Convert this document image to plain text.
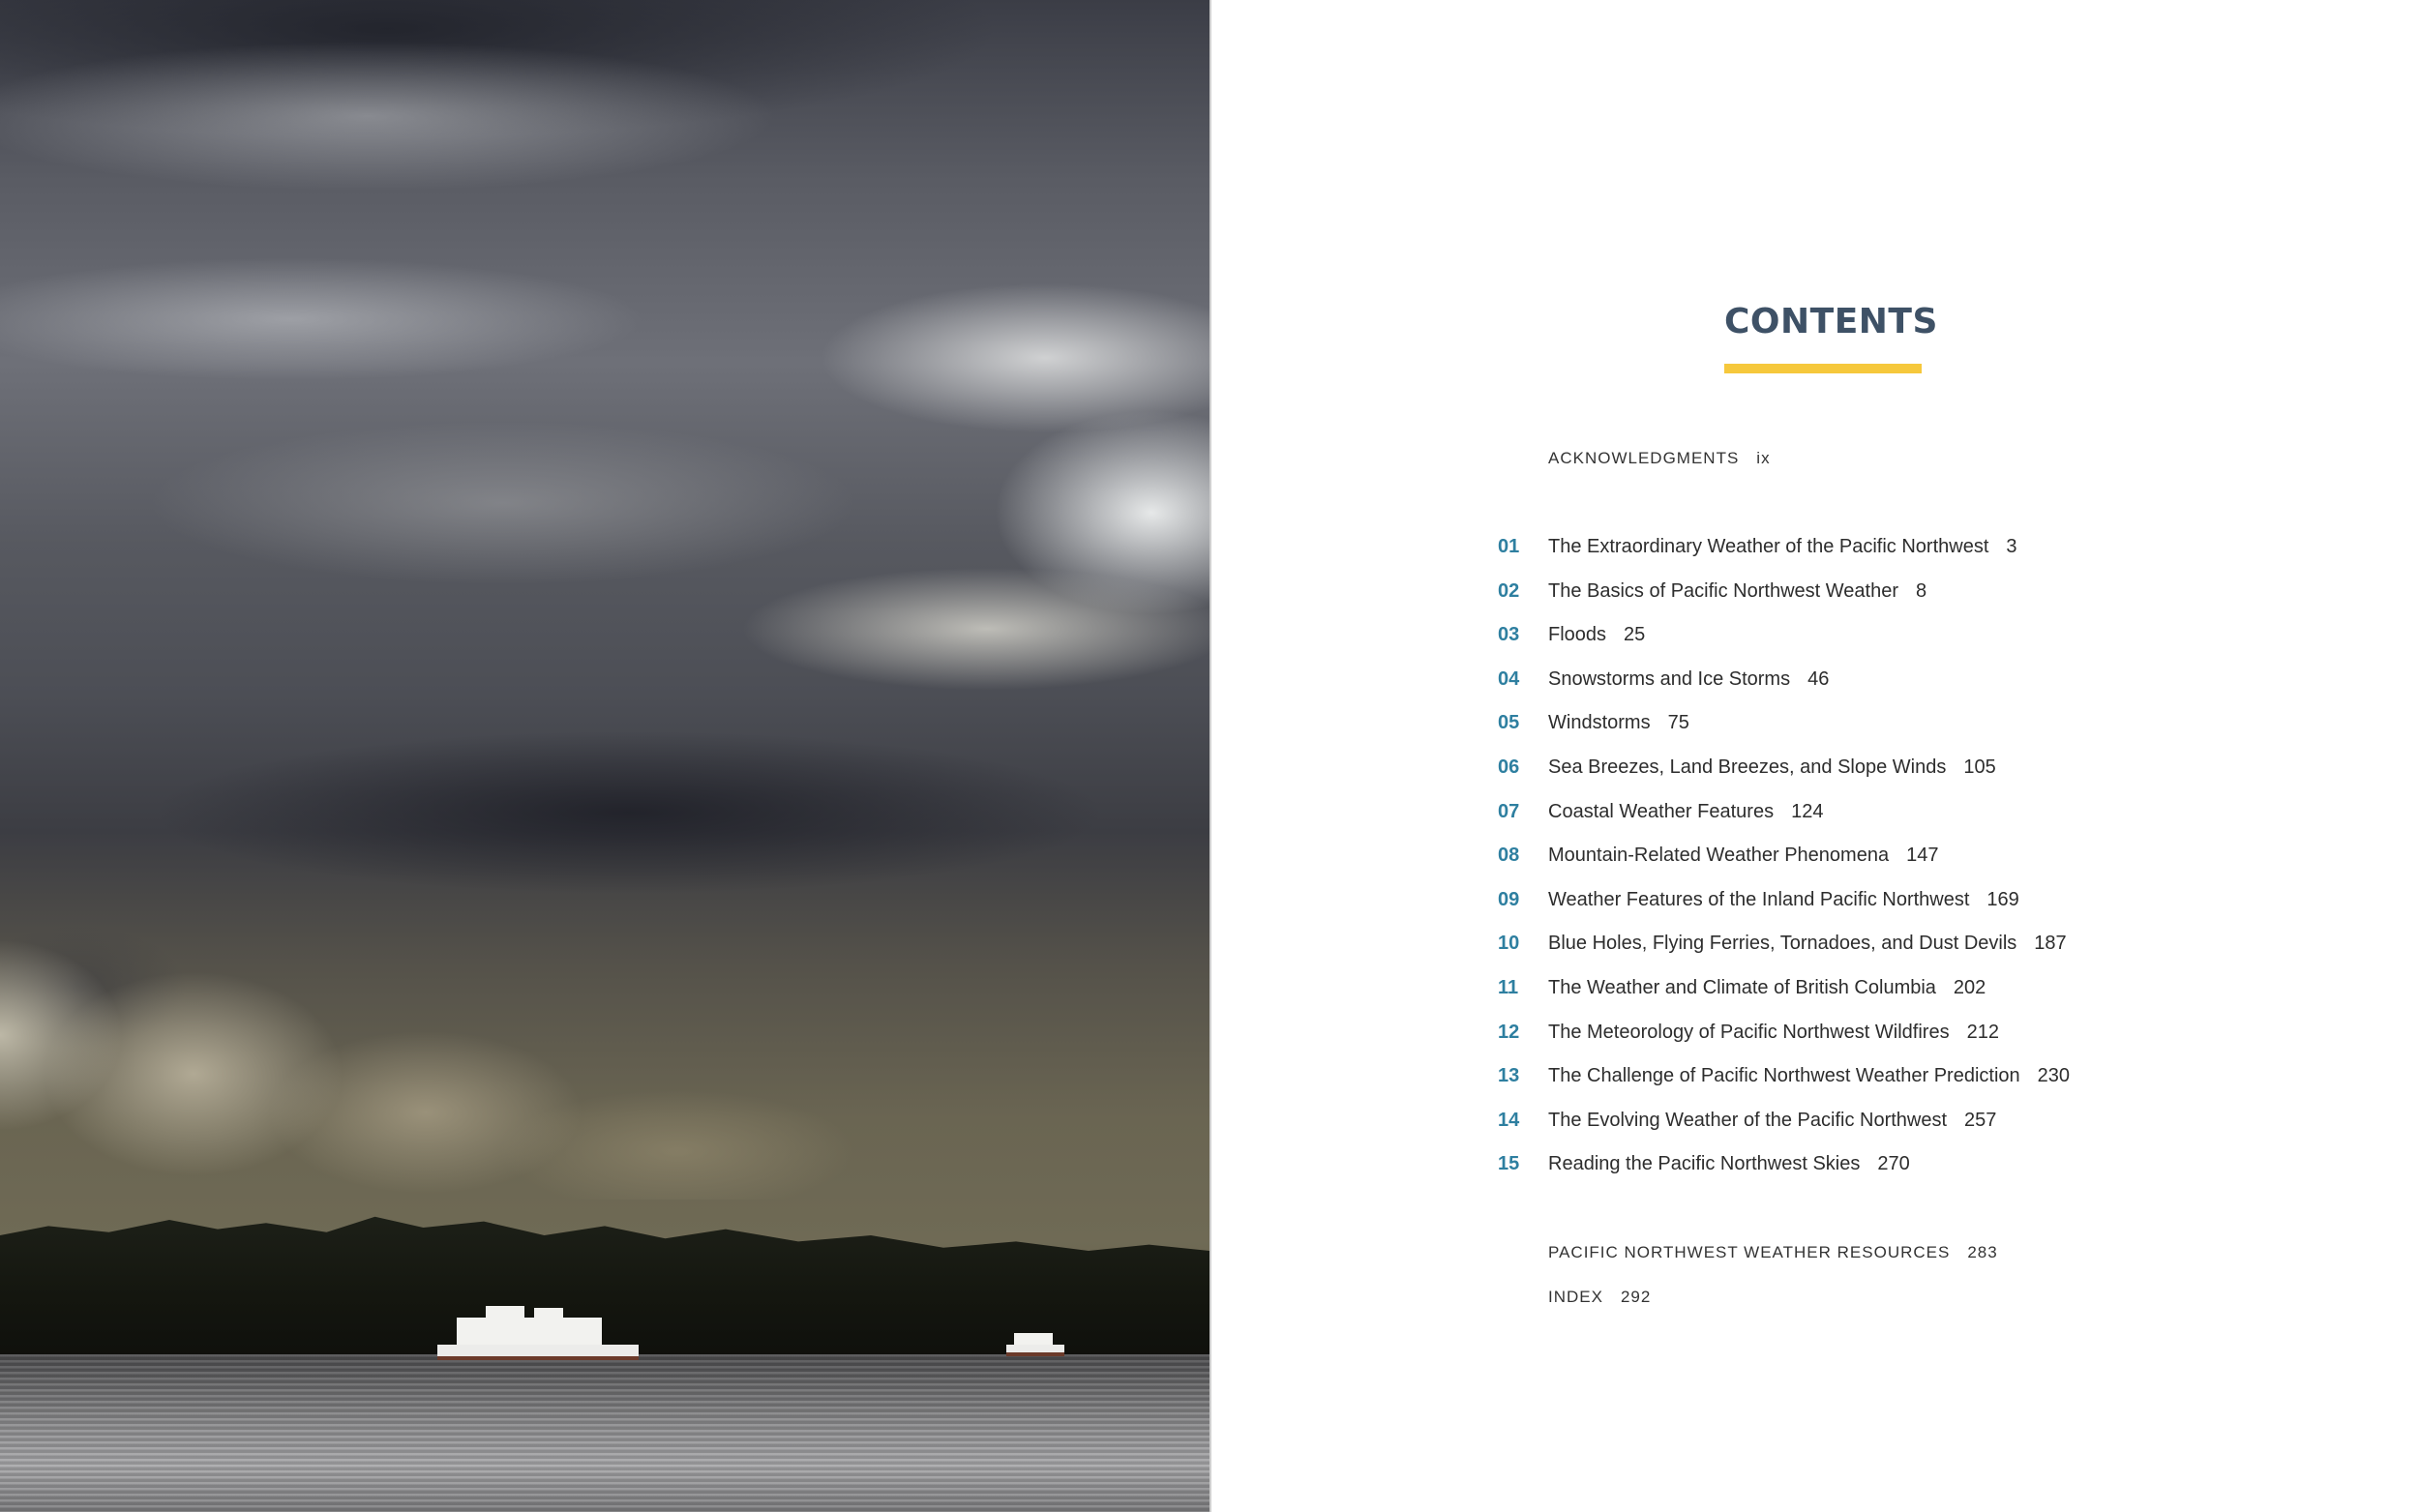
CONTENTS
ACKNOWLEDGMENTS ix
01 The Extraordinary Weather of the Pacific Northwest 3
02 The Basics of Pacific Northwest Weather 8
03 Floods 25
04 Snowstorms and Ice Storms 46
05 Windstorms 75
06 Sea Breezes, Land Breezes, and Slope Winds 105
07 Coastal Weather Features 124
08 Mountain-Related Weather Phenomena 147
09 Weather Features of the Inland Pacific Northwest 169
10 Blue Holes, Flying Ferries, Tornadoes, and Dust Devils 187
11 The Weather and Climate of British Columbia 202
12 The Meteorology of Pacific Northwest Wildfires 212
13 The Challenge of Pacific Northwest Weather Prediction 230
14 The Evolving Weather of the Pacific Northwest 257
15 Reading the Pacific Northwest Skies 270
PACIFIC NORTHWEST WEATHER RESOURCES 283
INDEX 292
